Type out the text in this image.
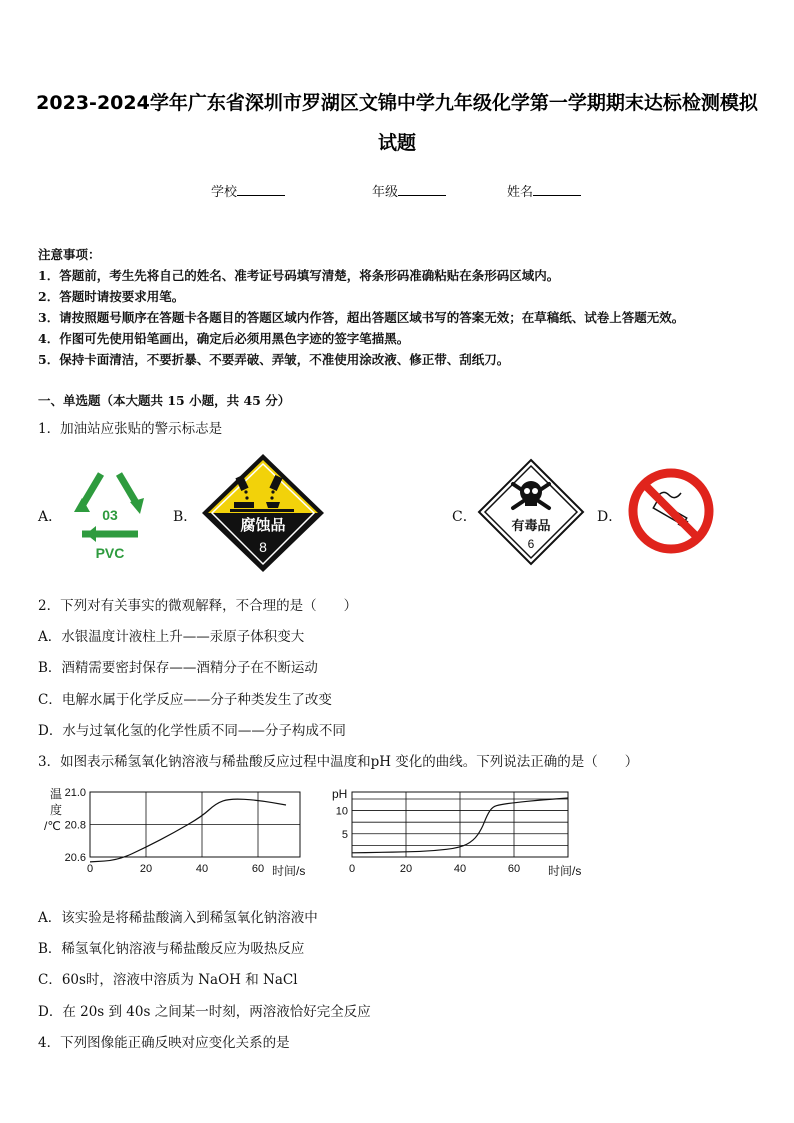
2023-2024学年广东省深圳市罗湖区文锦中学九年级化学第一学期期末达标检测模拟
试题
学校	年级	姓名
注意事项：
1．答题前，考生先将自己的姓名、准考证号码填写清楚，将条形码准确粘贴在条形码区域内。
2．答题时请按要求用笔。
3．请按照题号顺序在答题卡各题目的答题区域内作答，超出答题区域书写的答案无效；在草稿纸、试卷上答题无效。
4．作图可先使用铅笔画出，确定后必须用黑色字迹的签字笔描黑。
5．保持卡面清洁，不要折暴、不要弄破、弄皱，不准使用涂改液、修正带、刮纸刀。
一、单选题（本大题共 15 小题，共 45 分）
1．加油站应张贴的警示标志是
A．	B．	C．	D．
03
PVC
腐蚀品
8
有毒品
6
2．下列对有关事实的微观解释，不合理的是（　　）
A．水银温度计液柱上升——汞原子体积变大
B．酒精需要密封保存——酒精分子在不断运动
C．电解水属于化学反应——分子种类发生了改变
D．水与过氧化氢的化学性质不同——分子构成不同
3．如图表示稀氢氧化钠溶液与稀盐酸反应过程中温度和pH 变化的曲线。下列说法正确的是（　　）
温
度
/℃
0	20	40	60
21.0
20.8
20.6
时间/s
pH
0	20	40	60
10
5
时间/s
A．该实验是将稀盐酸滴入到稀氢氧化钠溶液中
B．稀氢氧化钠溶液与稀盐酸反应为吸热反应
C．60s时，溶液中溶质为 NaOH 和 NaCl
D．在 20s 到 40s 之间某一时刻，两溶液恰好完全反应
4．下列图像能正确反映对应变化关系的是
